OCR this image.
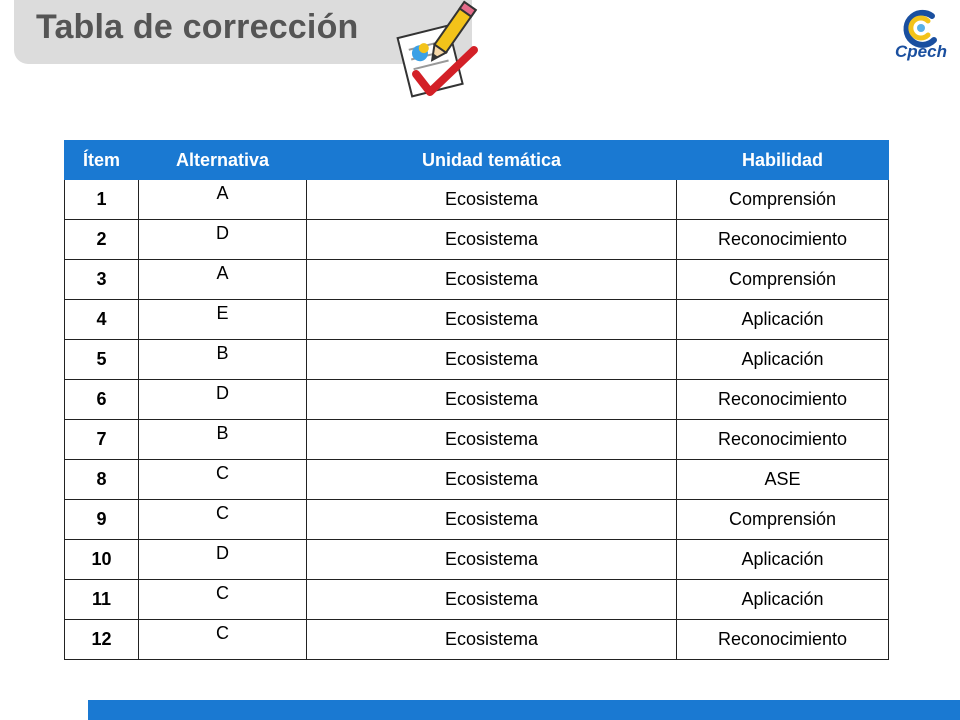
Tabla de corrección
Cpech
Ítem	Alternativa	Unidad temática	Habilidad
1	A	Ecosistema	Comprensión
2	D	Ecosistema	Reconocimiento
3	A	Ecosistema	Comprensión
4	E	Ecosistema	Aplicación
5	B	Ecosistema	Aplicación
6	D	Ecosistema	Reconocimiento
7	B	Ecosistema	Reconocimiento
8	C	Ecosistema	ASE
9	C	Ecosistema	Comprensión
10	D	Ecosistema	Aplicación
11	C	Ecosistema	Aplicación
12	C	Ecosistema	Reconocimiento
